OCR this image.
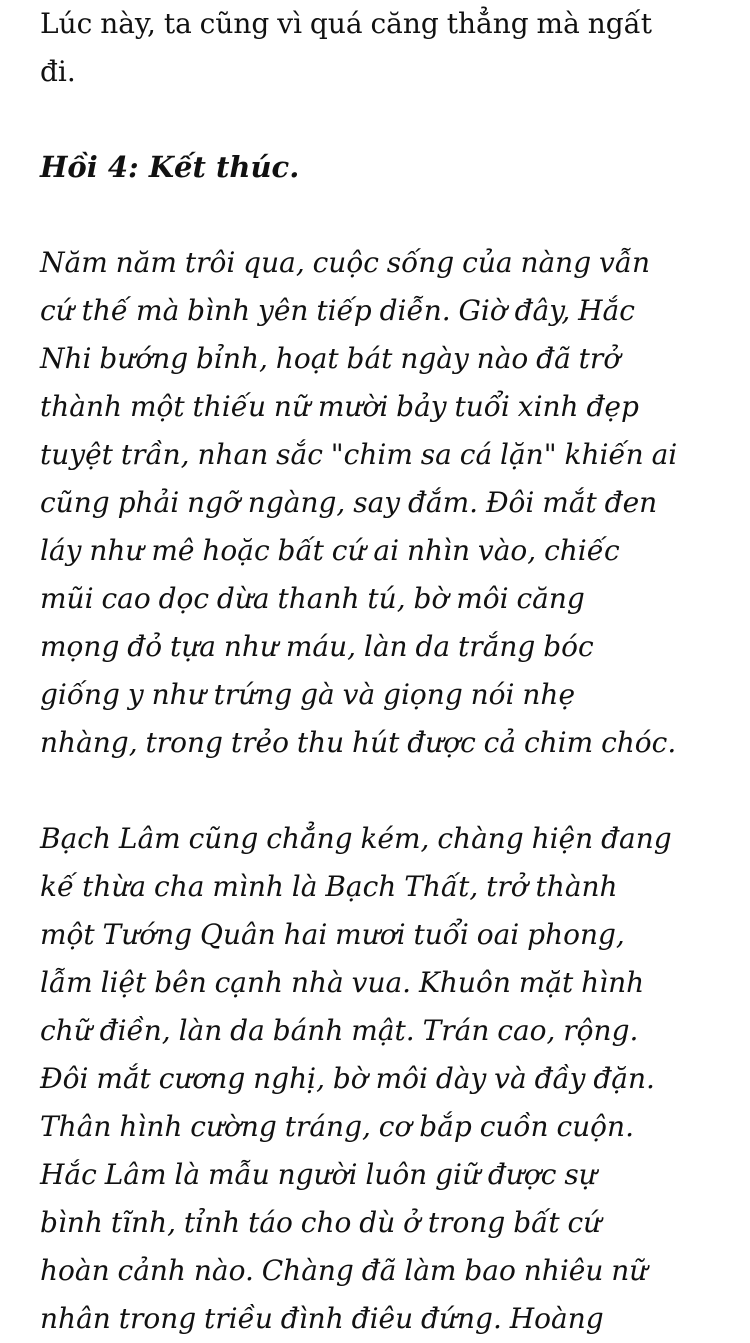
Lúc này, ta cũng vì quá căng thẳng mà ngất
đi.

Hồi 4: Kết thúc.

Năm năm trôi qua, cuộc sống của nàng vẫn
cứ thế mà bình yên tiếp diễn. Giờ đây, Hắc
Nhi bướng bỉnh, hoạt bát ngày nào đã trở
thành một thiếu nữ mười bảy tuổi xinh đẹp
tuyệt trần, nhan sắc "chim sa cá lặn" khiến ai
cũng phải ngỡ ngàng, say đắm. Đôi mắt đen
láy như mê hoặc bất cứ ai nhìn vào, chiếc
mũi cao dọc dừa thanh tú, bờ môi căng
mọng đỏ tựa như máu, làn da trắng bóc
giống y như trứng gà và giọng nói nhẹ
nhàng, trong trẻo thu hút được cả chim chóc.

Bạch Lâm cũng chẳng kém, chàng hiện đang
kế thừa cha mình là Bạch Thất, trở thành
một Tướng Quân hai mươi tuổi oai phong,
lẫm liệt bên cạnh nhà vua. Khuôn mặt hình
chữ điền, làn da bánh mật. Trán cao, rộng.
Đôi mắt cương nghị, bờ môi dày và đầy đặn.
Thân hình cường tráng, cơ bắp cuồn cuộn.
Hắc Lâm là mẫu người luôn giữ được sự
bình tĩnh, tỉnh táo cho dù ở trong bất cứ
hoàn cảnh nào. Chàng đã làm bao nhiêu nữ
nhân trong triều đình điêu đứng. Hoàng
